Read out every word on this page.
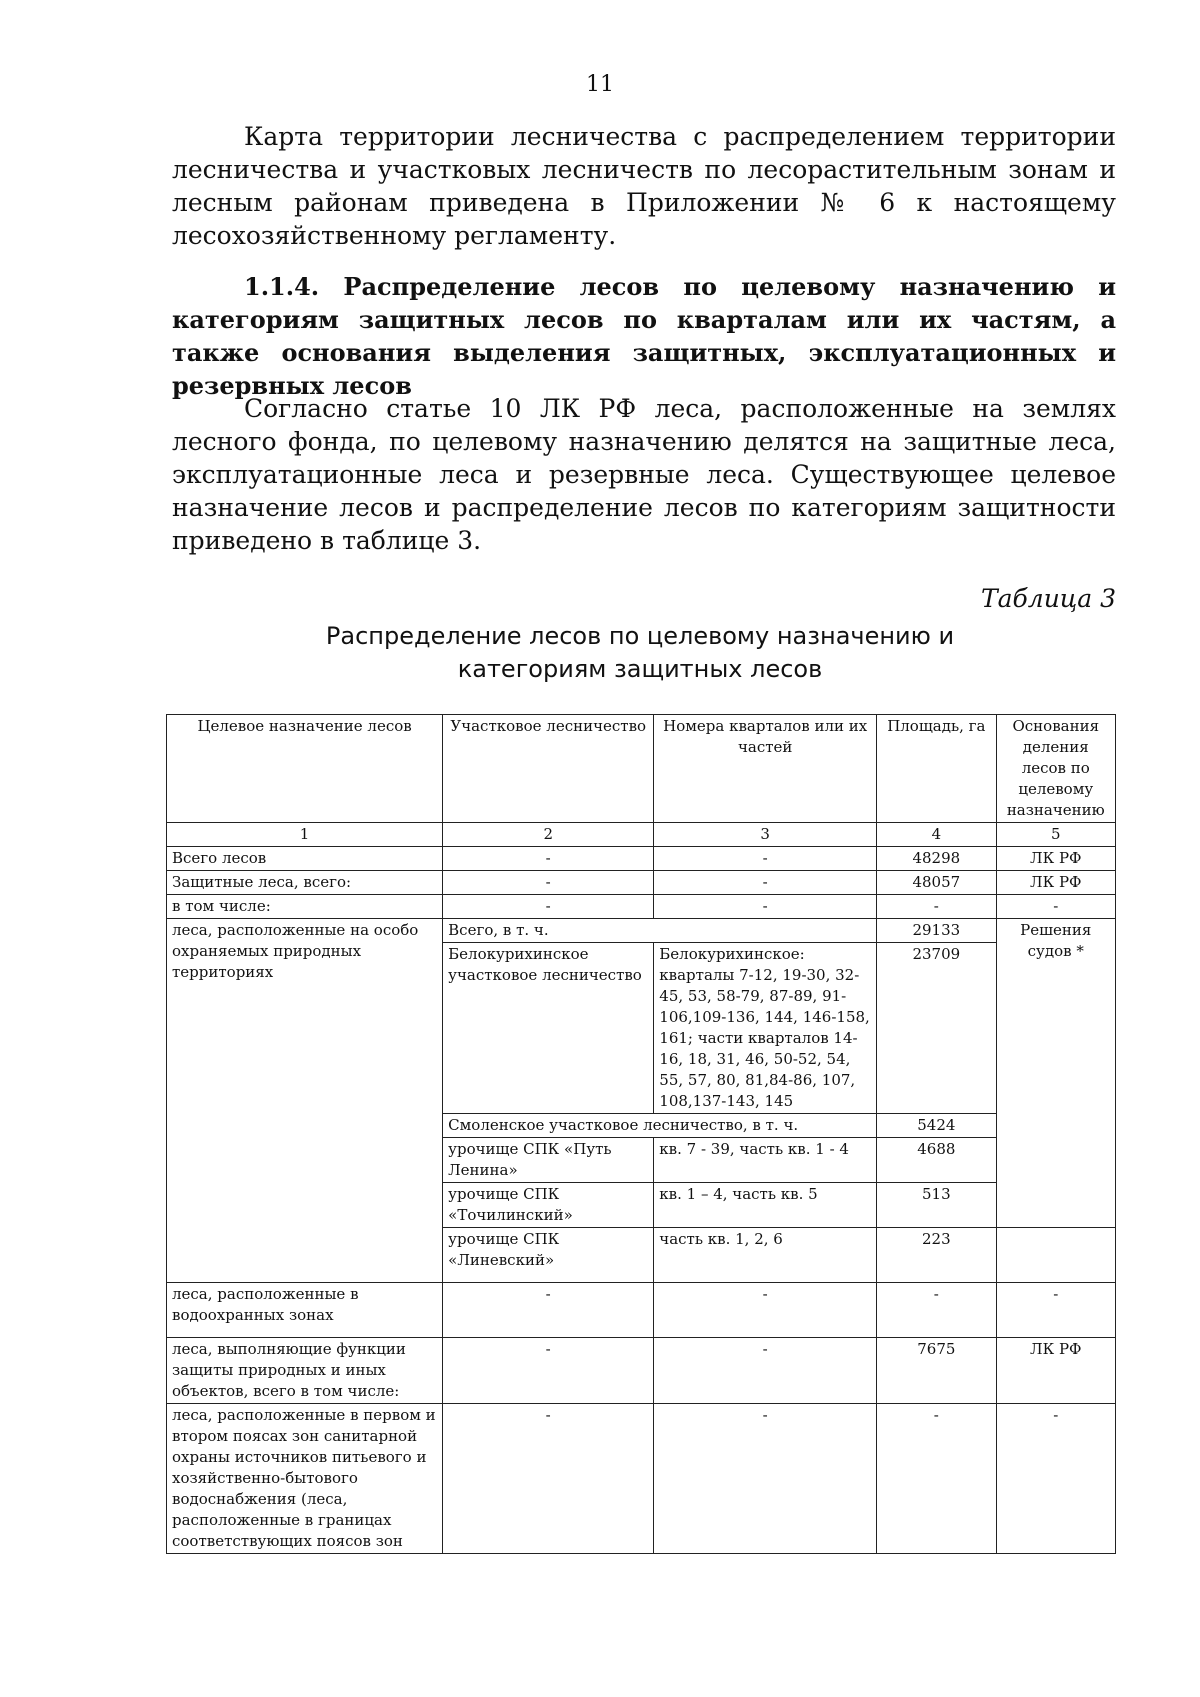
11

Карта территории лесничества с распределением территории лесничества и участковых лесничеств по лесорастительным зонам и лесным районам приведена в Приложении № 6 к настоящему лесохозяйственному регламенту.

1.1.4. Распределение лесов по целевому назначению и категориям защитных лесов по кварталам или их частям, а также основания выделения защитных, эксплуатационных и резервных лесов

Согласно статье 10 ЛК РФ леса, расположенные на землях лесного фонда, по целевому назначению делятся на защитные леса, эксплуатационные леса и резервные леса. Существующее целевое назначение лесов и распределение лесов по категориям защитности приведено в таблице 3.

Таблица 3
Распределение лесов по целевому назначению и категориям защитных лесов
Целевое назначение лесов	Участковое лесничество	Номера кварталов или их частей	Площадь, га	Основания деления лесов по целевому назначению
1	2	3	4	5
Всего лесов	-	-	48298	ЛК РФ
Защитные леса, всего:	-	-	48057	ЛК РФ
в том числе:	-	-	-	-
леса, расположенные на особо охраняемых природных территориях	Всего, в т. ч.		29133	Решения судов *
	Белокурихинское участковое лесничество	Белокурихинское: кварталы 7-12, 19-30, 32-45, 53, 58-79, 87-89, 91-106,109-136, 144, 146-158, 161; части кварталов 14-16, 18, 31, 46, 50-52, 54, 55, 57, 80, 81,84-86, 107, 108,137-143, 145	23709	
	Смоленское участковое лесничество, в т. ч.		5424	
	урочище СПК «Путь Ленина»	кв. 7 - 39, часть кв. 1 - 4	4688	
	урочище СПК «Точилинский»	кв. 1 – 4, часть кв. 5	513	
	урочище СПК «Линевский»	часть кв. 1, 2, 6	223	
леса, расположенные в водоохранных зонах	-	-	-	-
леса, выполняющие функции защиты природных и иных объектов, всего в том числе:	-	-	7675	ЛК РФ
леса, расположенные в первом и втором поясах зон санитарной охраны источников питьевого и хозяйственно-бытового водоснабжения (леса, расположенные в границах соответствующих поясов зон	-	-	-	-
